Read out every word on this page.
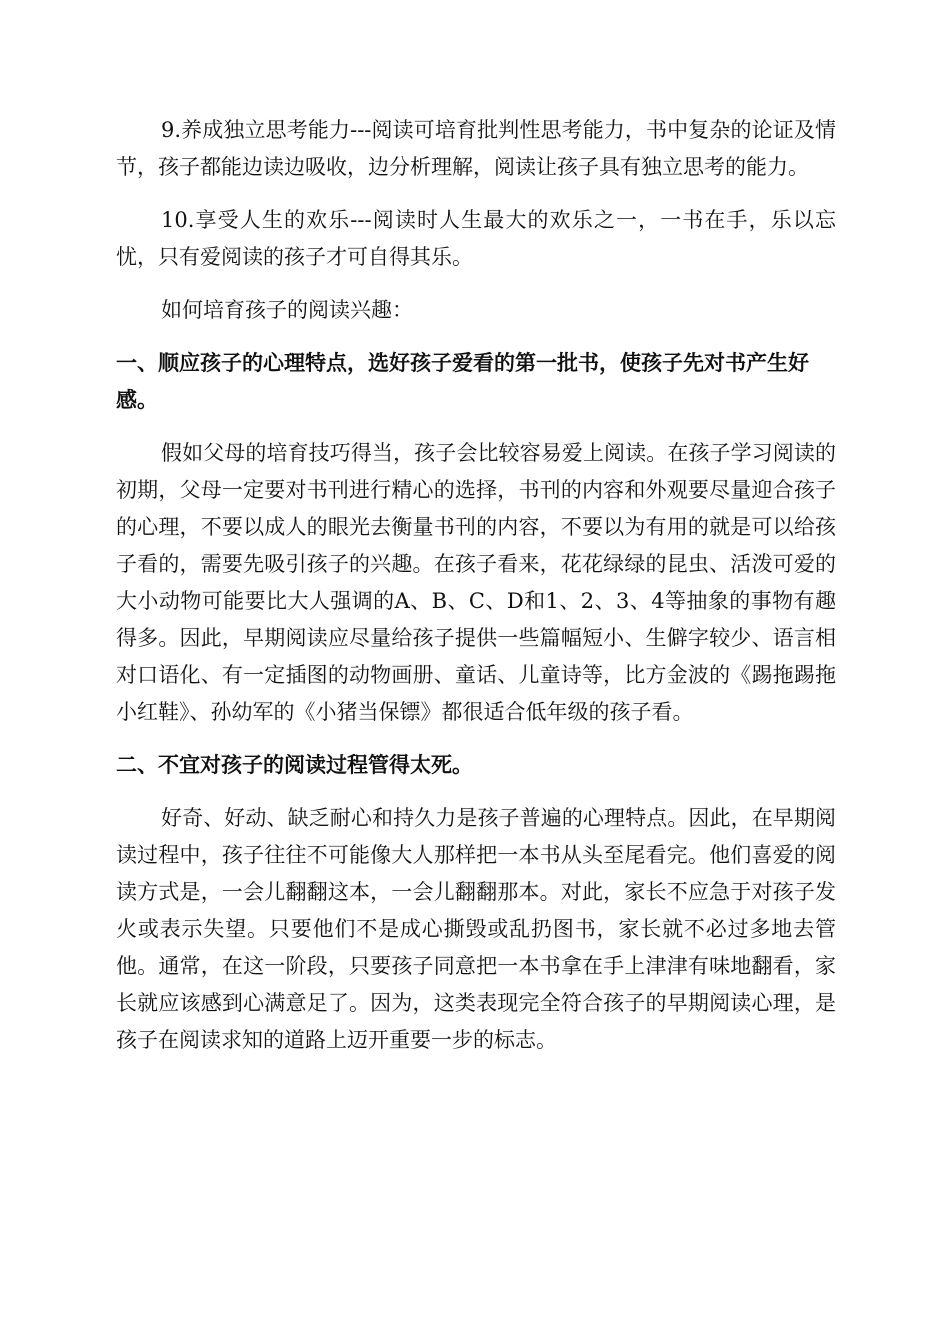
9.养成独立思考能力---阅读可培育批判性思考能力，书中复杂的论证及情节，孩子都能边读边吸收，边分析理解，阅读让孩子具有独立思考的能力。

10.享受人生的欢乐---阅读时人生最大的欢乐之一，一书在手，乐以忘忧，只有爱阅读的孩子才可自得其乐。

如何培育孩子的阅读兴趣：

一、顺应孩子的心理特点，选好孩子爱看的第一批书，使孩子先对书产生好感。

假如父母的培育技巧得当，孩子会比较容易爱上阅读。在孩子学习阅读的初期，父母一定要对书刊进行精心的选择，书刊的内容和外观要尽量迎合孩子的心理，不要以成人的眼光去衡量书刊的内容，不要以为有用的就是可以给孩子看的，需要先吸引孩子的兴趣。在孩子看来，花花绿绿的昆虫、活泼可爱的大小动物可能要比大人强调的A、B、C、D和1、2、3、4等抽象的事物有趣得多。因此，早期阅读应尽量给孩子提供一些篇幅短小、生僻字较少、语言相对口语化、有一定插图的动物画册、童话、儿童诗等，比方金波的《踢拖踢拖小红鞋》、孙幼军的《小猪当保镖》都很适合低年级的孩子看。

二、不宜对孩子的阅读过程管得太死。

好奇、好动、缺乏耐心和持久力是孩子普遍的心理特点。因此，在早期阅读过程中，孩子往往不可能像大人那样把一本书从头至尾看完。他们喜爱的阅读方式是，一会儿翻翻这本，一会儿翻翻那本。对此，家长不应急于对孩子发火或表示失望。只要他们不是成心撕毁或乱扔图书，家长就不必过多地去管他。通常，在这一阶段，只要孩子同意把一本书拿在手上津津有味地翻看，家长就应该感到心满意足了。因为，这类表现完全符合孩子的早期阅读心理，是孩子在阅读求知的道路上迈开重要一步的标志。
